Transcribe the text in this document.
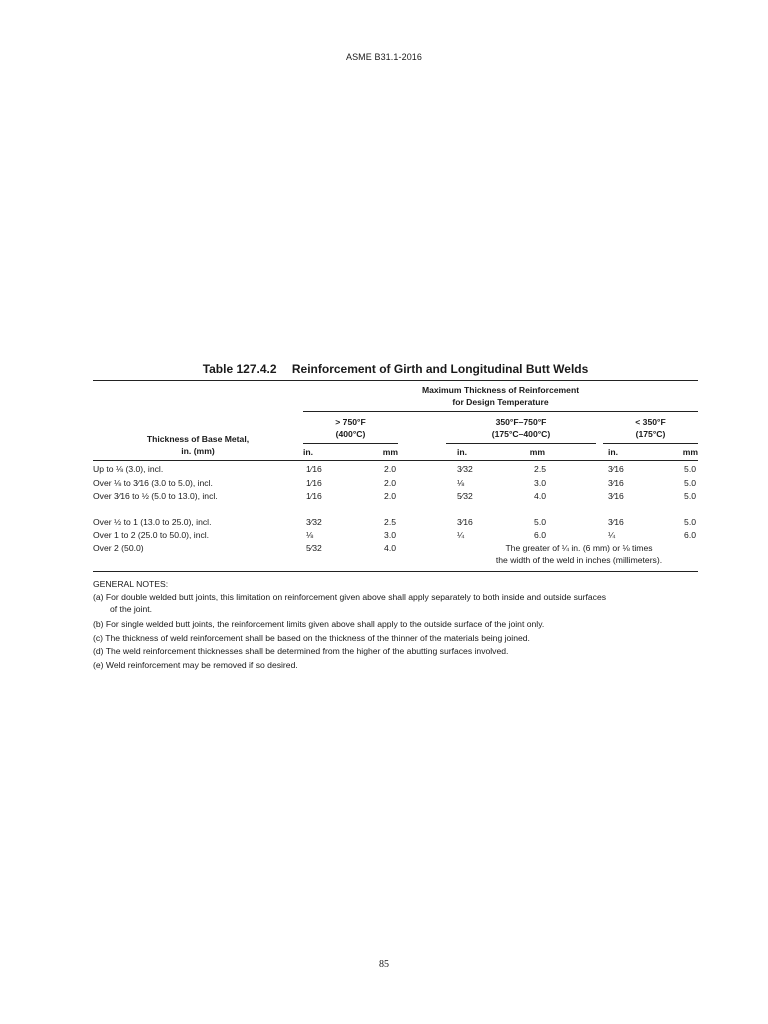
ASME B31.1-2016
Table 127.4.2 Reinforcement of Girth and Longitudinal Butt Welds
Maximum Thickness of Reinforcement
for Design Temperature
> 750°F
(400°C)
350°F–750°F
(175°C–400°C)
< 350°F
(175°C)
Thickness of Base Metal,
in. (mm)	in.	mm	in.	mm	in.	mm
Up to ⅛ (3.0), incl.	1⁄16	2.0	3⁄32	2.5	3⁄16	5.0
Over ⅛ to 3⁄16 (3.0 to 5.0), incl.	1⁄16	2.0	⅛	3.0	3⁄16	5.0
Over 3⁄16 to ½ (5.0 to 13.0), incl.	1⁄16	2.0	5⁄32	4.0	3⁄16	5.0
Over ½ to 1 (13.0 to 25.0), incl.	3⁄32	2.5	3⁄16	5.0	3⁄16	5.0
Over 1 to 2 (25.0 to 50.0), incl.	⅛	3.0	¼	6.0	¼	6.0
Over 2 (50.0)	5⁄32	4.0	The greater of ¼ in. (6 mm) or ⅛ times
the width of the weld in inches (millimeters).
GENERAL NOTES:
(a) For double welded butt joints, this limitation on reinforcement given above shall apply separately to both inside and outside surfaces
of the joint.
(b) For single welded butt joints, the reinforcement limits given above shall apply to the outside surface of the joint only.
(c) The thickness of weld reinforcement shall be based on the thickness of the thinner of the materials being joined.
(d) The weld reinforcement thicknesses shall be determined from the higher of the abutting surfaces involved.
(e) Weld reinforcement may be removed if so desired.
85
